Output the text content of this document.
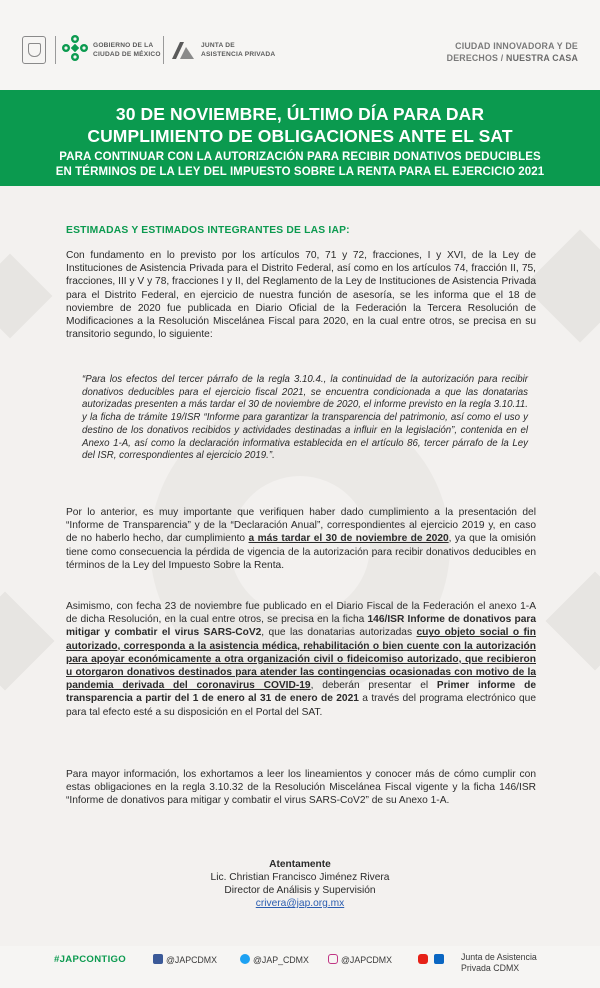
GOBIERNO DE LA
CIUDAD DE MÉXICO
JUNTA DE
ASISTENCIA PRIVADA
CIUDAD INNOVADORA Y DE
DERECHOS / NUESTRA CASA
30 DE NOVIEMBRE, ÚLTIMO DÍA PARA DAR
CUMPLIMIENTO DE OBLIGACIONES ANTE EL SAT
PARA CONTINUAR CON LA AUTORIZACIÓN PARA RECIBIR DONATIVOS DEDUCIBLES
EN TÉRMINOS DE LA LEY DEL IMPUESTO SOBRE LA RENTA PARA EL EJERCICIO 2021
ESTIMADAS Y ESTIMADOS INTEGRANTES DE LAS IAP:
Con fundamento en lo previsto por los artículos 70, 71 y 72, fracciones, I y XVI, de la Ley de Instituciones de Asistencia Privada para el Distrito Federal, así como en los artículos 74, fracción II, 75, fracciones, III y V y 78, fracciones I y II, del Reglamento de la Ley de Instituciones de Asistencia Privada para el Distrito Federal, en ejercicio de nuestra función de asesoría, se les informa que el 18 de noviembre de 2020 fue publicada en Diario Oficial de la Federación la Tercera Resolución de Modificaciones a la Resolución Miscelánea Fiscal para 2020, en la cual entre otros, se precisa en su transitorio segundo, lo siguiente:
“Para los efectos del tercer párrafo de la regla 3.10.4., la continuidad de la autorización para recibir donativos deducibles para el ejercicio fiscal 2021, se encuentra condicionada a que las donatarias autorizadas presenten a más tardar el 30 de noviembre de 2020, el informe previsto en la regla 3.10.11. y la ficha de trámite 19/ISR “Informe para garantizar la transparencia del patrimonio, así como el uso y destino de los donativos recibidos y actividades destinadas a influir en la legislación”, contenida en el Anexo 1-A, así como la declaración informativa establecida en el artículo 86, tercer párrafo de la Ley del ISR, correspondientes al ejercicio 2019.”.
Por lo anterior, es muy importante que verifiquen haber dado cumplimiento a la presentación del “Informe de Transparencia” y de la “Declaración Anual”, correspondientes al ejercicio 2019 y, en caso de no haberlo hecho, dar cumplimiento a más tardar el 30 de noviembre de 2020, ya que la omisión tiene como consecuencia la pérdida de vigencia de la autorización para recibir donativos deducibles en términos de la Ley del Impuesto Sobre la Renta.
Asimismo, con fecha 23 de noviembre fue publicado en el Diario Fiscal de la Federación el anexo 1-A de dicha Resolución, en la cual entre otros, se precisa en la ficha 146/ISR Informe de donativos para mitigar y combatir el virus SARS-CoV2, que las donatarias autorizadas cuyo objeto social o fin autorizado, corresponda a la asistencia médica, rehabilitación o bien cuente con la autorización para apoyar económicamente a otra organización civil o fideicomiso autorizado, que recibieron u otorgaron donativos destinados para atender las contingencias ocasionadas con motivo de la pandemia derivada del coronavirus COVID-19, deberán presentar el Primer informe de transparencia a partir del 1 de enero al 31 de enero de 2021 a través del programa electrónico que para tal efecto esté a su disposición en el Portal del SAT.
Para mayor información, los exhortamos a leer los lineamientos y conocer más de cómo cumplir con estas obligaciones en la regla 3.10.32 de la Resolución Miscelánea Fiscal vigente y la ficha 146/ISR “Informe de donativos para mitigar y combatir el virus SARS-CoV2” de su Anexo 1-A.
Atentamente
Lic. Christian Francisco Jiménez Rivera
Director de Análisis y Supervisión
crivera@jap.org.mx
#JAPCONTIGO	@JAPCDMX	@JAP_CDMX	@JAPCDMX	Junta de Asistencia
Privada CDMX
